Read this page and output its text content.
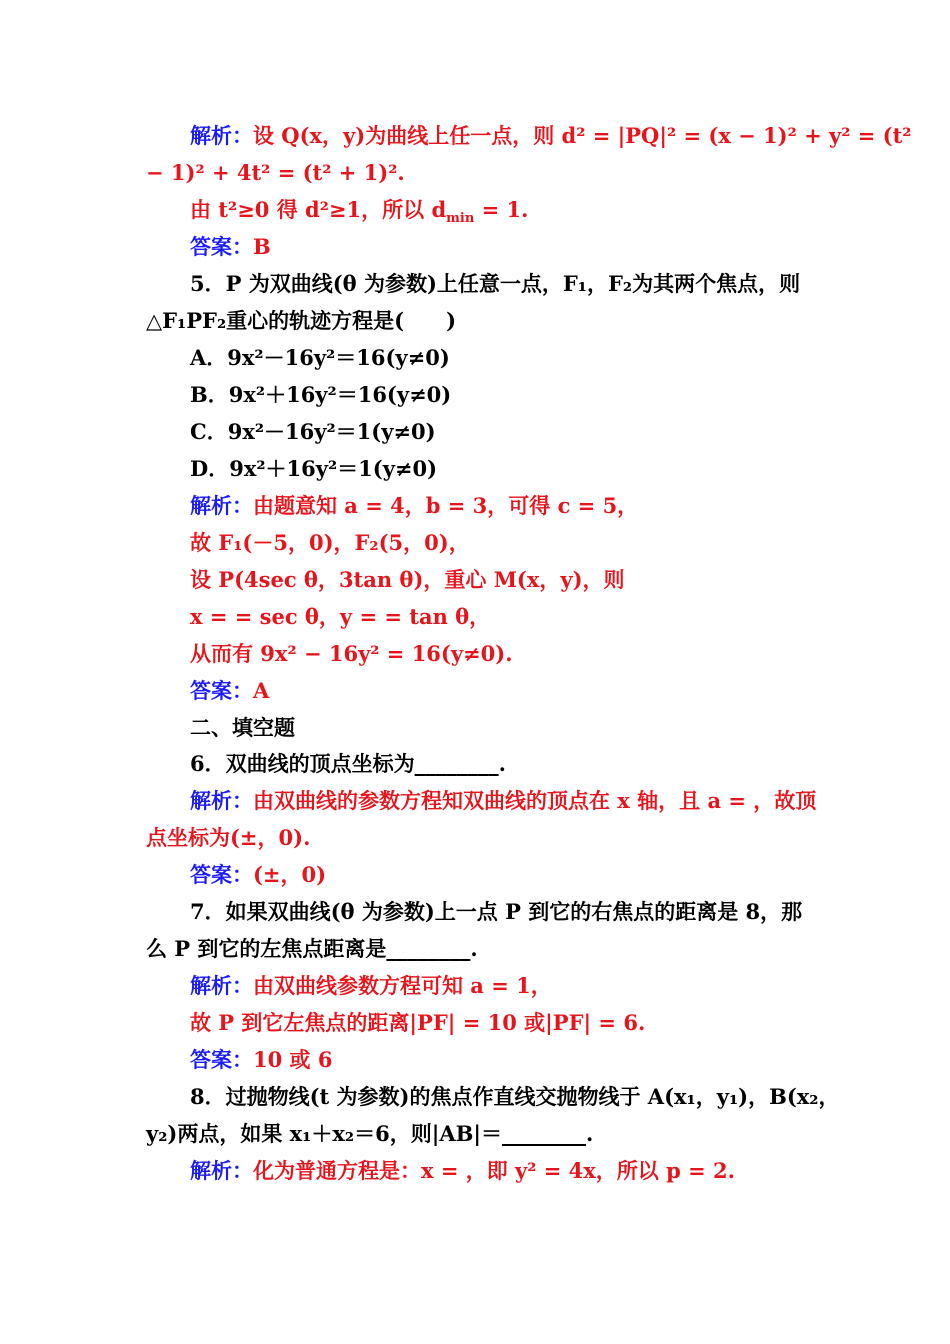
解析：设 Q(x，y)为曲线上任一点，则 d² = |PQ|² = (x − 1)² + y² = (t²
− 1)² + 4t² = (t² + 1)².
由 t²≥0 得 d²≥1，所以 $d_{min} = 1$.
答案：B
5．P 为双曲线(θ 为参数)上任意一点，F₁，F₂为其两个焦点，则
△F₁PF₂重心的轨迹方程是(　　)
A．9x²－16y²＝16(y≠0)
B．9x²＋16y²＝16(y≠0)
C．9x²－16y²＝1(y≠0)
D．9x²＋16y²＝1(y≠0)
解析：由题意知 a = 4，b = 3，可得 c = 5，
故 F₁(－5，0)，F₂(5，0)，
设 P(4sec θ，3tan θ)，重心 M(x，y)，则
x = = sec θ，y = = tan θ，
从而有 9x² − 16y² = 16(y≠0).
答案：A
二、填空题
6．双曲线的顶点坐标为________.
解析：由双曲线的参数方程知双曲线的顶点在 x 轴，且 a = ，故顶
点坐标为(±，0).
答案：(±，0)
7．如果双曲线(θ 为参数)上一点 P 到它的右焦点的距离是 8，那
么 P 到它的左焦点距离是________.
解析：由双曲线参数方程可知 a = 1，
故 P 到它左焦点的距离|PF| = 10 或|PF| = 6.
答案：10 或 6
8．过抛物线(t 为参数)的焦点作直线交抛物线于 A(x₁，y₁)，B(x₂，
y₂)两点，如果 x₁＋x₂＝6，则|AB|＝________.
解析：化为普通方程是：x = ，即 y² = 4x，所以 p = 2.
